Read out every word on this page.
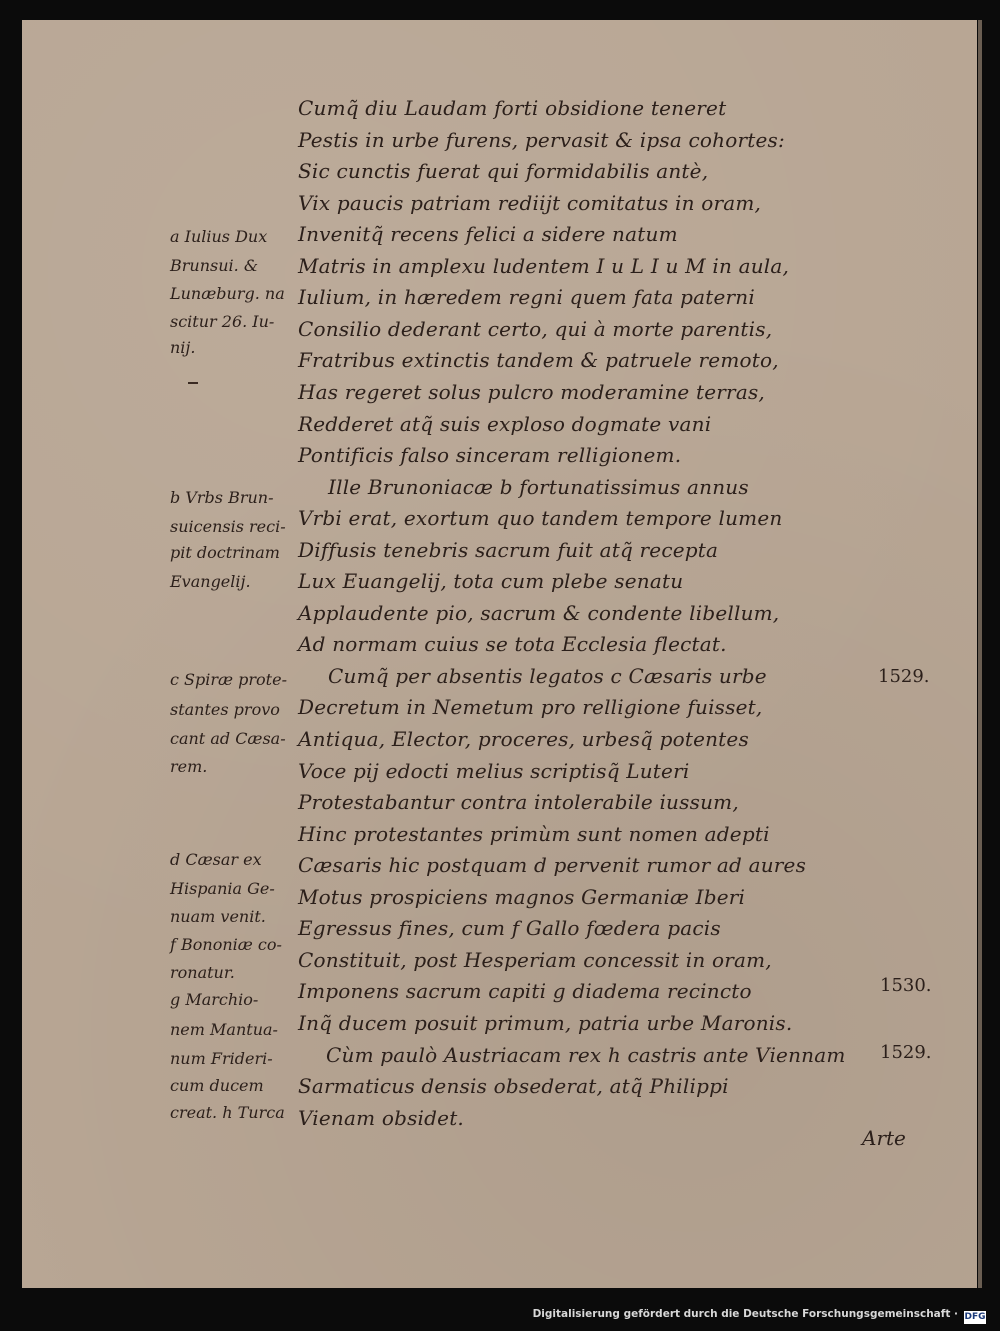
Cumq̃ diu Laudam forti obsidione teneret
Pestis in urbe furens, pervasit & ipsa cohortes:
Sic cunctis fuerat qui formidabilis antè,
Vix paucis patriam rediijt comitatus in oram,
Invenitq̃ recens felici a sidere natum
Matris in amplexu ludentem I u L I u M in aula,
Iulium, in hæredem regni quem fata paterni
Consilio dederant certo, qui à morte parentis,
Fratribus extinctis tandem & patruele remoto,
Has regeret solus pulcro moderamine terras,
Redderet atq̃ suis exploso dogmate vani
Pontificis falso sinceram relligionem.
Ille Brunoniacæ b fortunatissimus annus
Vrbi erat, exortum quo tandem tempore lumen
Diffusis tenebris sacrum fuit atq̃ recepta
Lux Euangelij, tota cum plebe senatu
Applaudente pio, sacrum & condente libellum,
Ad normam cuius se tota Ecclesia flectat.
Cumq̃ per absentis legatos c Cæsaris urbe
Decretum in Nemetum pro relligione fuisset,
Antiqua, Elector, proceres, urbesq̃ potentes
Voce pij edocti melius scriptisq̃ Luteri
Protestabantur contra intolerabile iussum,
Hinc protestantes primùm sunt nomen adepti
Cæsaris hic postquam d pervenit rumor ad aures
Motus prospiciens magnos Germaniæ Iberi
Egressus fines, cum f Gallo fœdera pacis
Constituit, post Hesperiam concessit in oram,
Imponens sacrum capiti g diadema recincto
Inq̃ ducem posuit primum, patria urbe Maronis.
Cùm paulò Austriacam rex h castris ante Viennam
Sarmaticus densis obsederat, atq̃ Philippi
Vienam obsidet.
a Iulius Dux
Brunsui. &
Lunæburg. na
scitur 26. Iu-
nij.
b Vrbs Brun-
suicensis reci-
pit doctrinam
Evangelij.
c Spiræ prote-
stantes provo
cant ad Cæsa-
rem.
d Cæsar ex
Hispania Ge-
nuam venit.
f Bononiæ co-
ronatur.
g Marchio-
nem Mantua-
num Frideri-
cum ducem
creat. h Turca
1529.
1530.
1529.
Arte
Digitalisierung gefördert durch die Deutsche Forschungsgemeinschaft · DFG
